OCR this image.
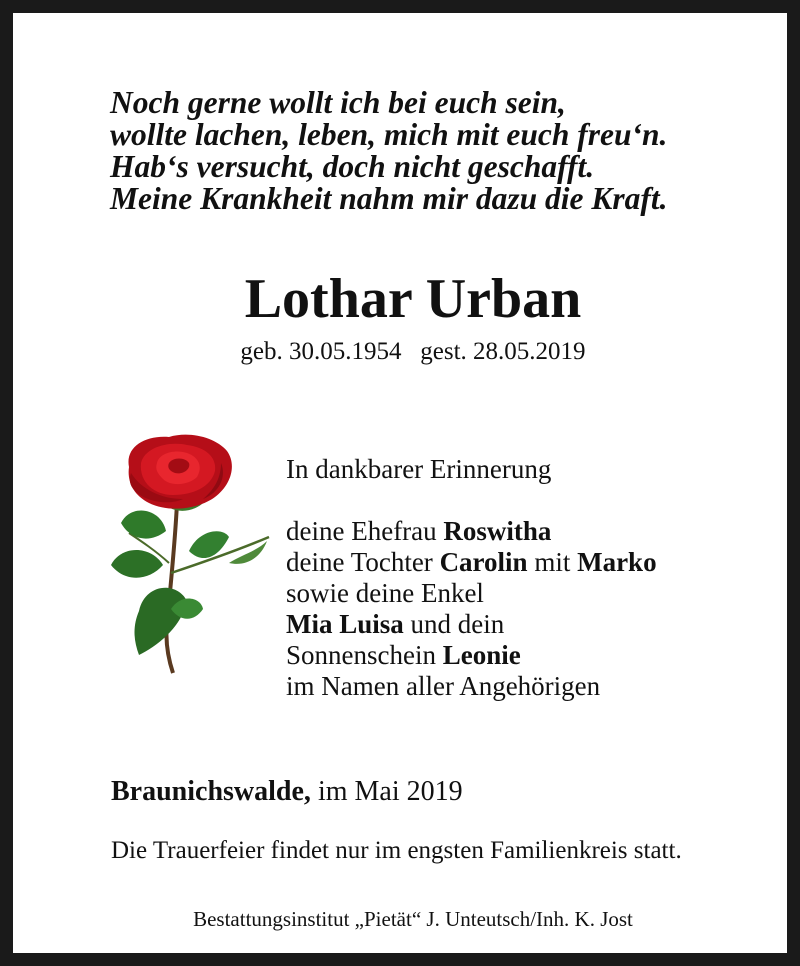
Noch gerne wollt ich bei euch sein,
wollte lachen, leben, mich mit euch freu‘n.
Hab‘s versucht, doch nicht geschafft.
Meine Krankheit nahm mir dazu die Kraft.
Lothar Urban
geb. 30.05.1954 gest. 28.05.2019
In dankbarer Erinnerung
deine Ehefrau Roswitha
deine Tochter Carolin mit Marko
sowie deine Enkel
Mia Luisa und dein
Sonnenschein Leonie
im Namen aller Angehörigen
Braunichswalde, im Mai 2019
Die Trauerfeier findet nur im engsten Familienkreis statt.
Bestattungsinstitut „Pietät“ J. Unteutsch/Inh. K. Jost
